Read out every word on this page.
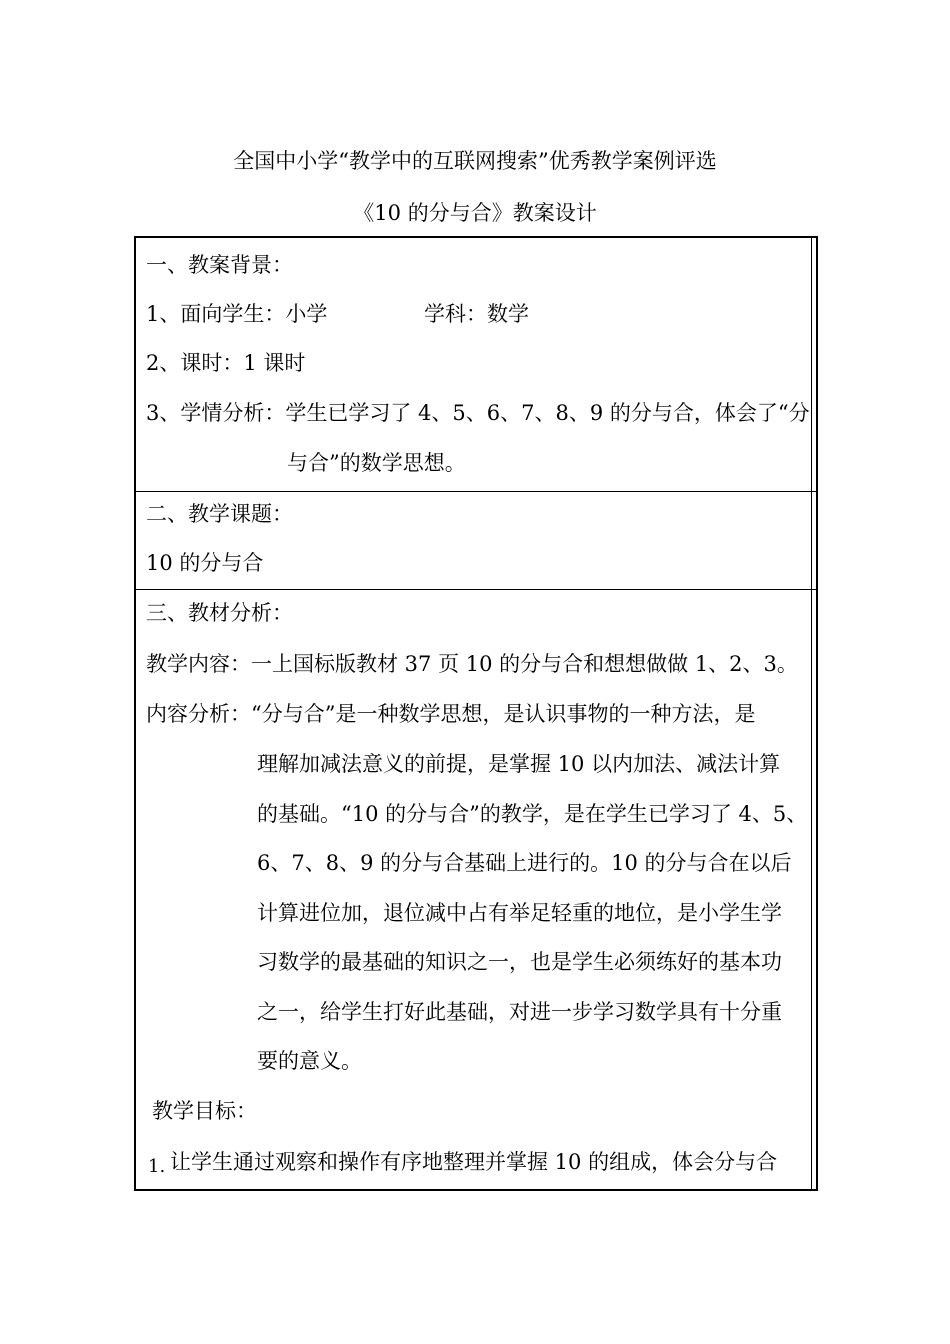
全国中小学“教学中的互联网搜索”优秀教学案例评选
《10 的分与合》教案设计
一、教案背景：
1、面向学生：小学	学科：数学
2、课时：1 课时
3、学情分析：学生已学习了 4、5、6、7、8、9 的分与合，体会了“分
与合”的数学思想。
二、教学课题：
10 的分与合
三、教材分析：
教学内容：一上国标版教材 37 页 10 的分与合和想想做做 1、2、3。
内容分析：“分与合”是一种数学思想，是认识事物的一种方法，是
理解加减法意义的前提，是掌握 10 以内加法、减法计算
的基础。“10 的分与合”的教学，是在学生已学习了 4、5、
6、7、8、9 的分与合基础上进行的。10 的分与合在以后
计算进位加，退位减中占有举足轻重的地位，是小学生学
习数学的最基础的知识之一，也是学生必须练好的基本功
之一，给学生打好此基础，对进一步学习数学具有十分重
要的意义。
教学目标：
1. 让学生通过观察和操作有序地整理并掌握 10 的组成，体会分与合
